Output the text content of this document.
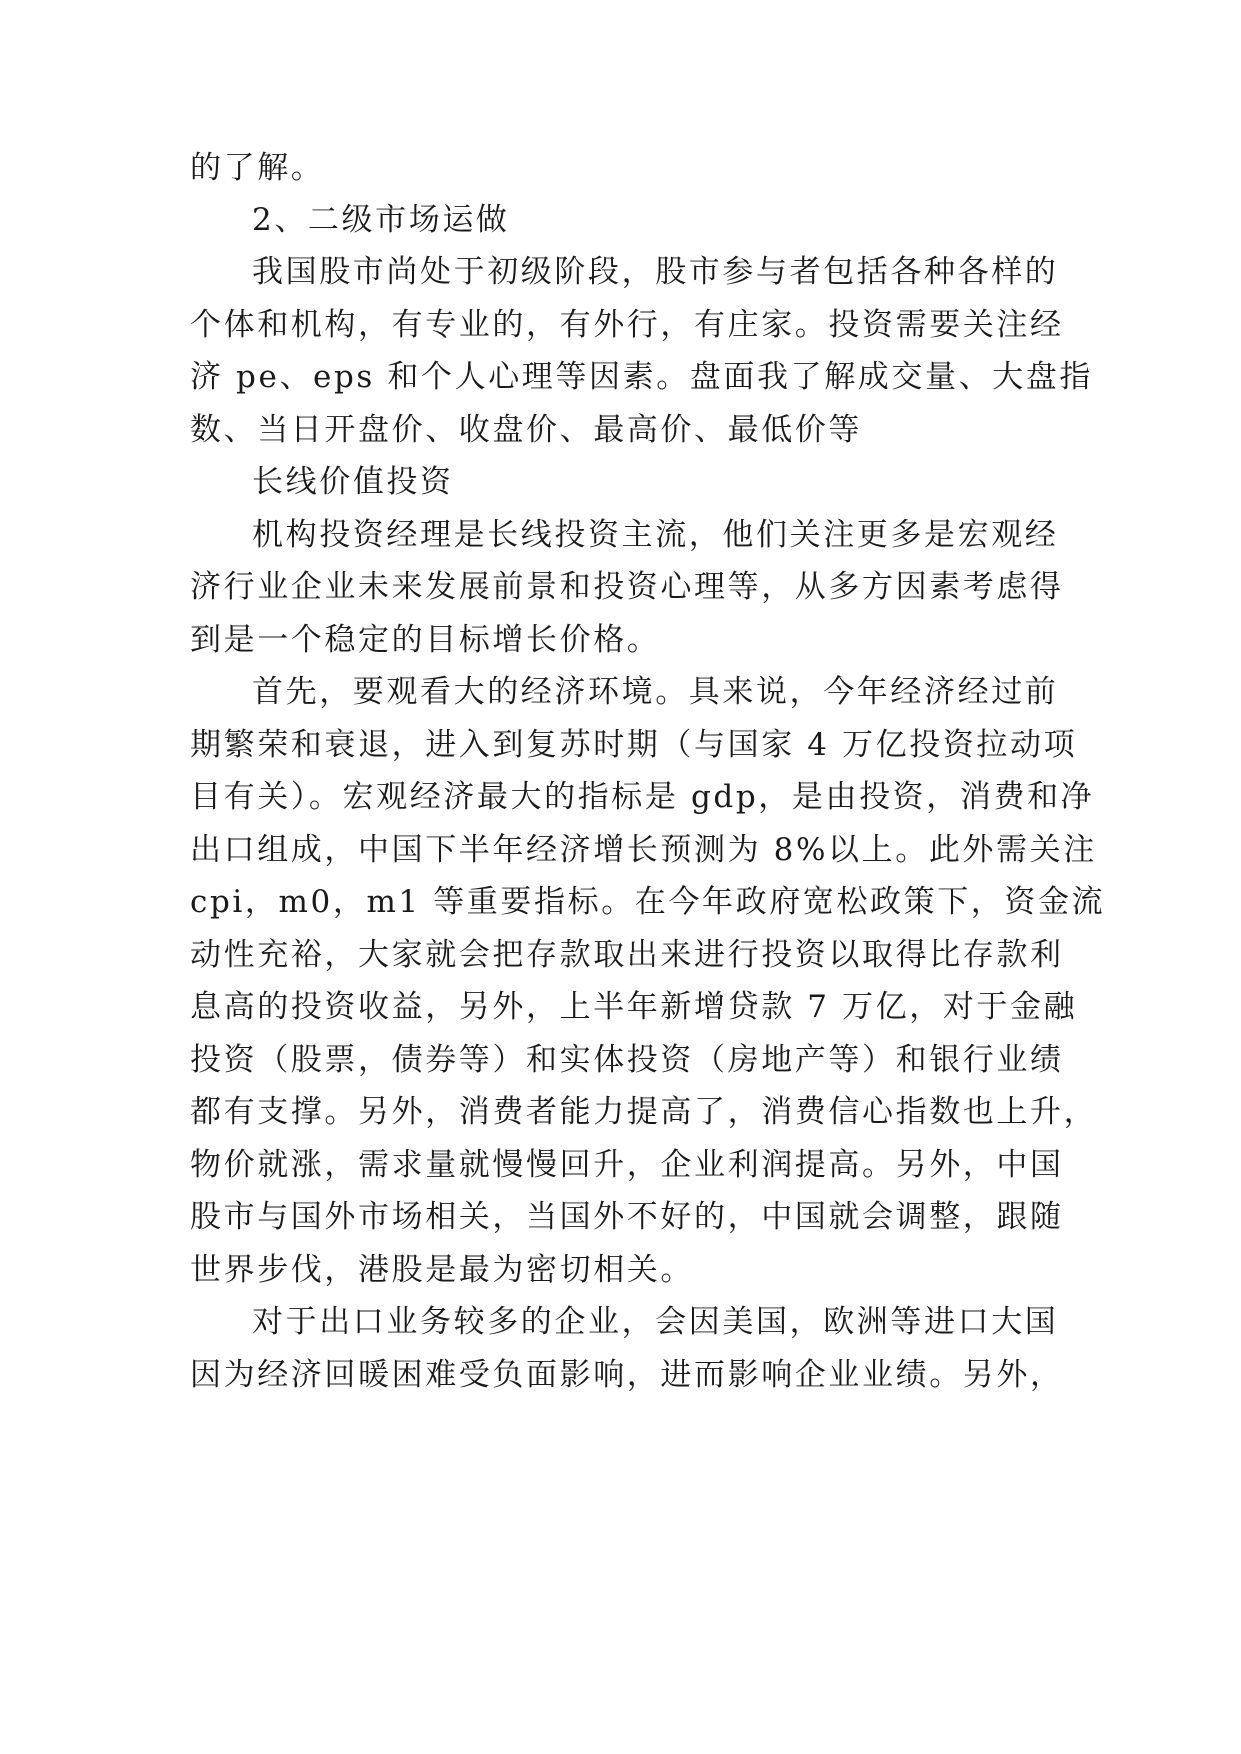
的了解。
2、二级市场运做
我国股市尚处于初级阶段，股市参与者包括各种各样的
个体和机构，有专业的，有外行，有庄家。投资需要关注经
济 pe、eps 和个人心理等因素。盘面我了解成交量、大盘指
数、当日开盘价、收盘价、最高价、最低价等
长线价值投资
机构投资经理是长线投资主流，他们关注更多是宏观经
济行业企业未来发展前景和投资心理等，从多方因素考虑得
到是一个稳定的目标增长价格。
首先，要观看大的经济环境。具来说，今年经济经过前
期繁荣和衰退，进入到复苏时期（与国家 4 万亿投资拉动项
目有关）。宏观经济最大的指标是 gdp，是由投资，消费和净
出口组成，中国下半年经济增长预测为 8%以上。此外需关注
cpi，m0，m1 等重要指标。在今年政府宽松政策下，资金流
动性充裕，大家就会把存款取出来进行投资以取得比存款利
息高的投资收益，另外，上半年新增贷款 7 万亿，对于金融
投资（股票，债券等）和实体投资（房地产等）和银行业绩
都有支撑。另外，消费者能力提高了，消费信心指数也上升，
物价就涨，需求量就慢慢回升，企业利润提高。另外，中国
股市与国外市场相关，当国外不好的，中国就会调整，跟随
世界步伐，港股是最为密切相关。
对于出口业务较多的企业，会因美国，欧洲等进口大国
因为经济回暖困难受负面影响，进而影响企业业绩。另外，
